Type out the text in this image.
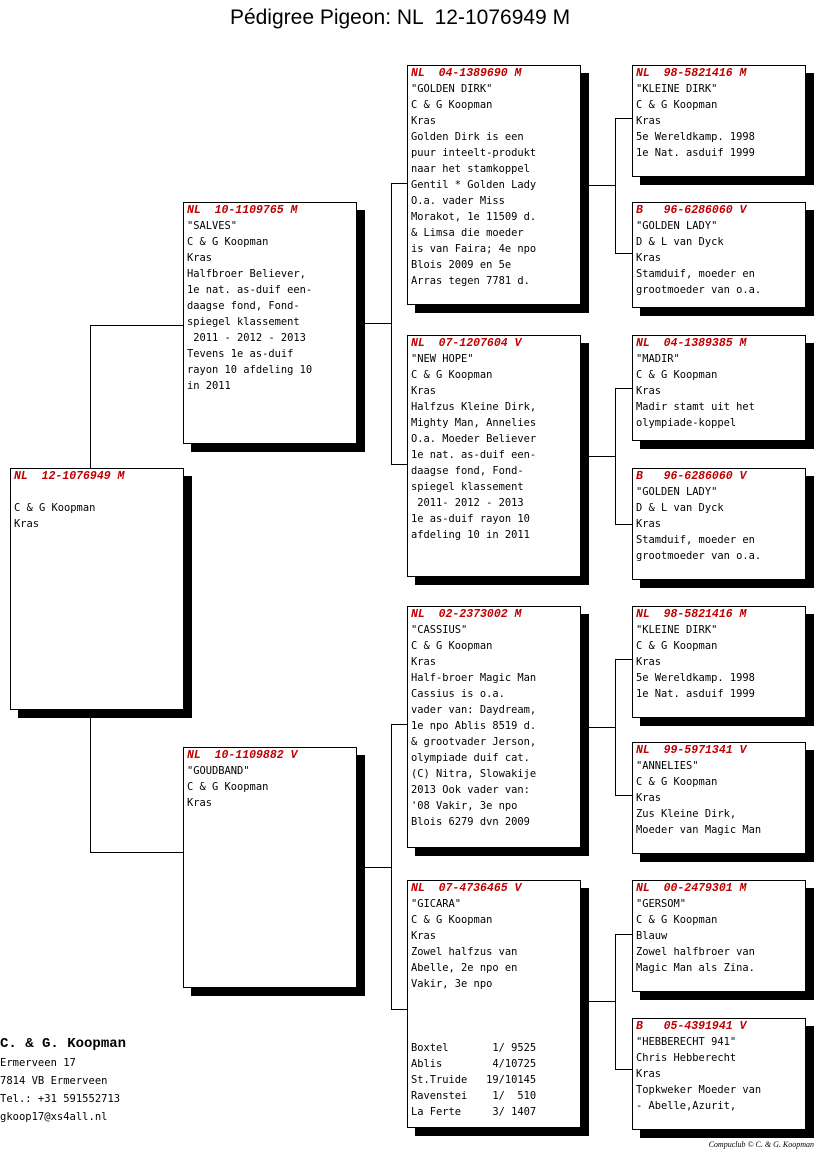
Pédigree Pigeon: NL  12-1076949 M
NL  12-1076949 M

C & G Koopman
Kras
NL  10-1109765 M
"SALVES"
C & G Koopman
Kras
Halfbroer Believer,
1e nat. as-duif een-
daagse fond, Fond-
spiegel klassement
2011 - 2012 - 2013
Tevens 1e as-duif
rayon 10 afdeling 10
in 2011
NL  10-1109882 V
"GOUDBAND"
C & G Koopman
Kras
NL  04-1389690 M
"GOLDEN DIRK"
C & G Koopman
Kras
Golden Dirk is een
puur inteelt-produkt
naar het stamkoppel
Gentil * Golden Lady
O.a. vader Miss
Morakot, 1e 11509 d.
& Limsa die moeder
is van Faira; 4e npo
Blois 2009 en 5e
Arras tegen 7781 d.
NL  07-1207604 V
"NEW HOPE"
C & G Koopman
Kras
Halfzus Kleine Dirk,
Mighty Man, Annelies
O.a. Moeder Believer
1e nat. as-duif een-
daagse fond, Fond-
spiegel klassement
2011- 2012 - 2013
1e as-duif rayon 10
afdeling 10 in 2011
NL  02-2373002 M
"CASSIUS"
C & G Koopman
Kras
Half-broer Magic Man
Cassius is o.a.
vader van: Daydream,
1e npo Ablis 8519 d.
& grootvader Jerson,
olympiade duif cat.
(C) Nitra, Slowakije
2013 Ook vader van:
'08 Vakir, 3e npo
Blois 6279 dvn 2009
NL  07-4736465 V
"GICARA"
C & G Koopman
Kras
Zowel halfzus van
Abelle, 2e npo en
Vakir, 3e npo

Boxtel       1/ 9525
Ablis        4/10725
St.Truide   19/10145
Ravenstei    1/  510
La Ferte     3/ 1407
NL  98-5821416 M
"KLEINE DIRK"
C & G Koopman
Kras
5e Wereldkamp. 1998
1e Nat. asduif 1999
B   96-6286060 V
"GOLDEN LADY"
D & L van Dyck
Kras
Stamduif, moeder en
grootmoeder van o.a.
NL  04-1389385 M
"MADIR"
C & G Koopman
Kras
Madir stamt uit het
olympiade-koppel
B   96-6286060 V
"GOLDEN LADY"
D & L van Dyck
Kras
Stamduif, moeder en
grootmoeder van o.a.
NL  98-5821416 M
"KLEINE DIRK"
C & G Koopman
Kras
5e Wereldkamp. 1998
1e Nat. asduif 1999
NL  99-5971341 V
"ANNELIES"
C & G Koopman
Kras
Zus Kleine Dirk,
Moeder van Magic Man
NL  00-2479301 M
"GERSOM"
C & G Koopman
Blauw
Zowel halfbroer van
Magic Man als Zina.
B   05-4391941 V
"HEBBERECHT 941"
Chris Hebberecht
Kras
Topkweker Moeder van
- Abelle,Azurit,
C. & G. Koopman
Ermerveen 17
7814 VB Ermerveen
Tel.: +31 591552713
gkoop17@xs4all.nl
Compuclub © C. & G. Koopman
